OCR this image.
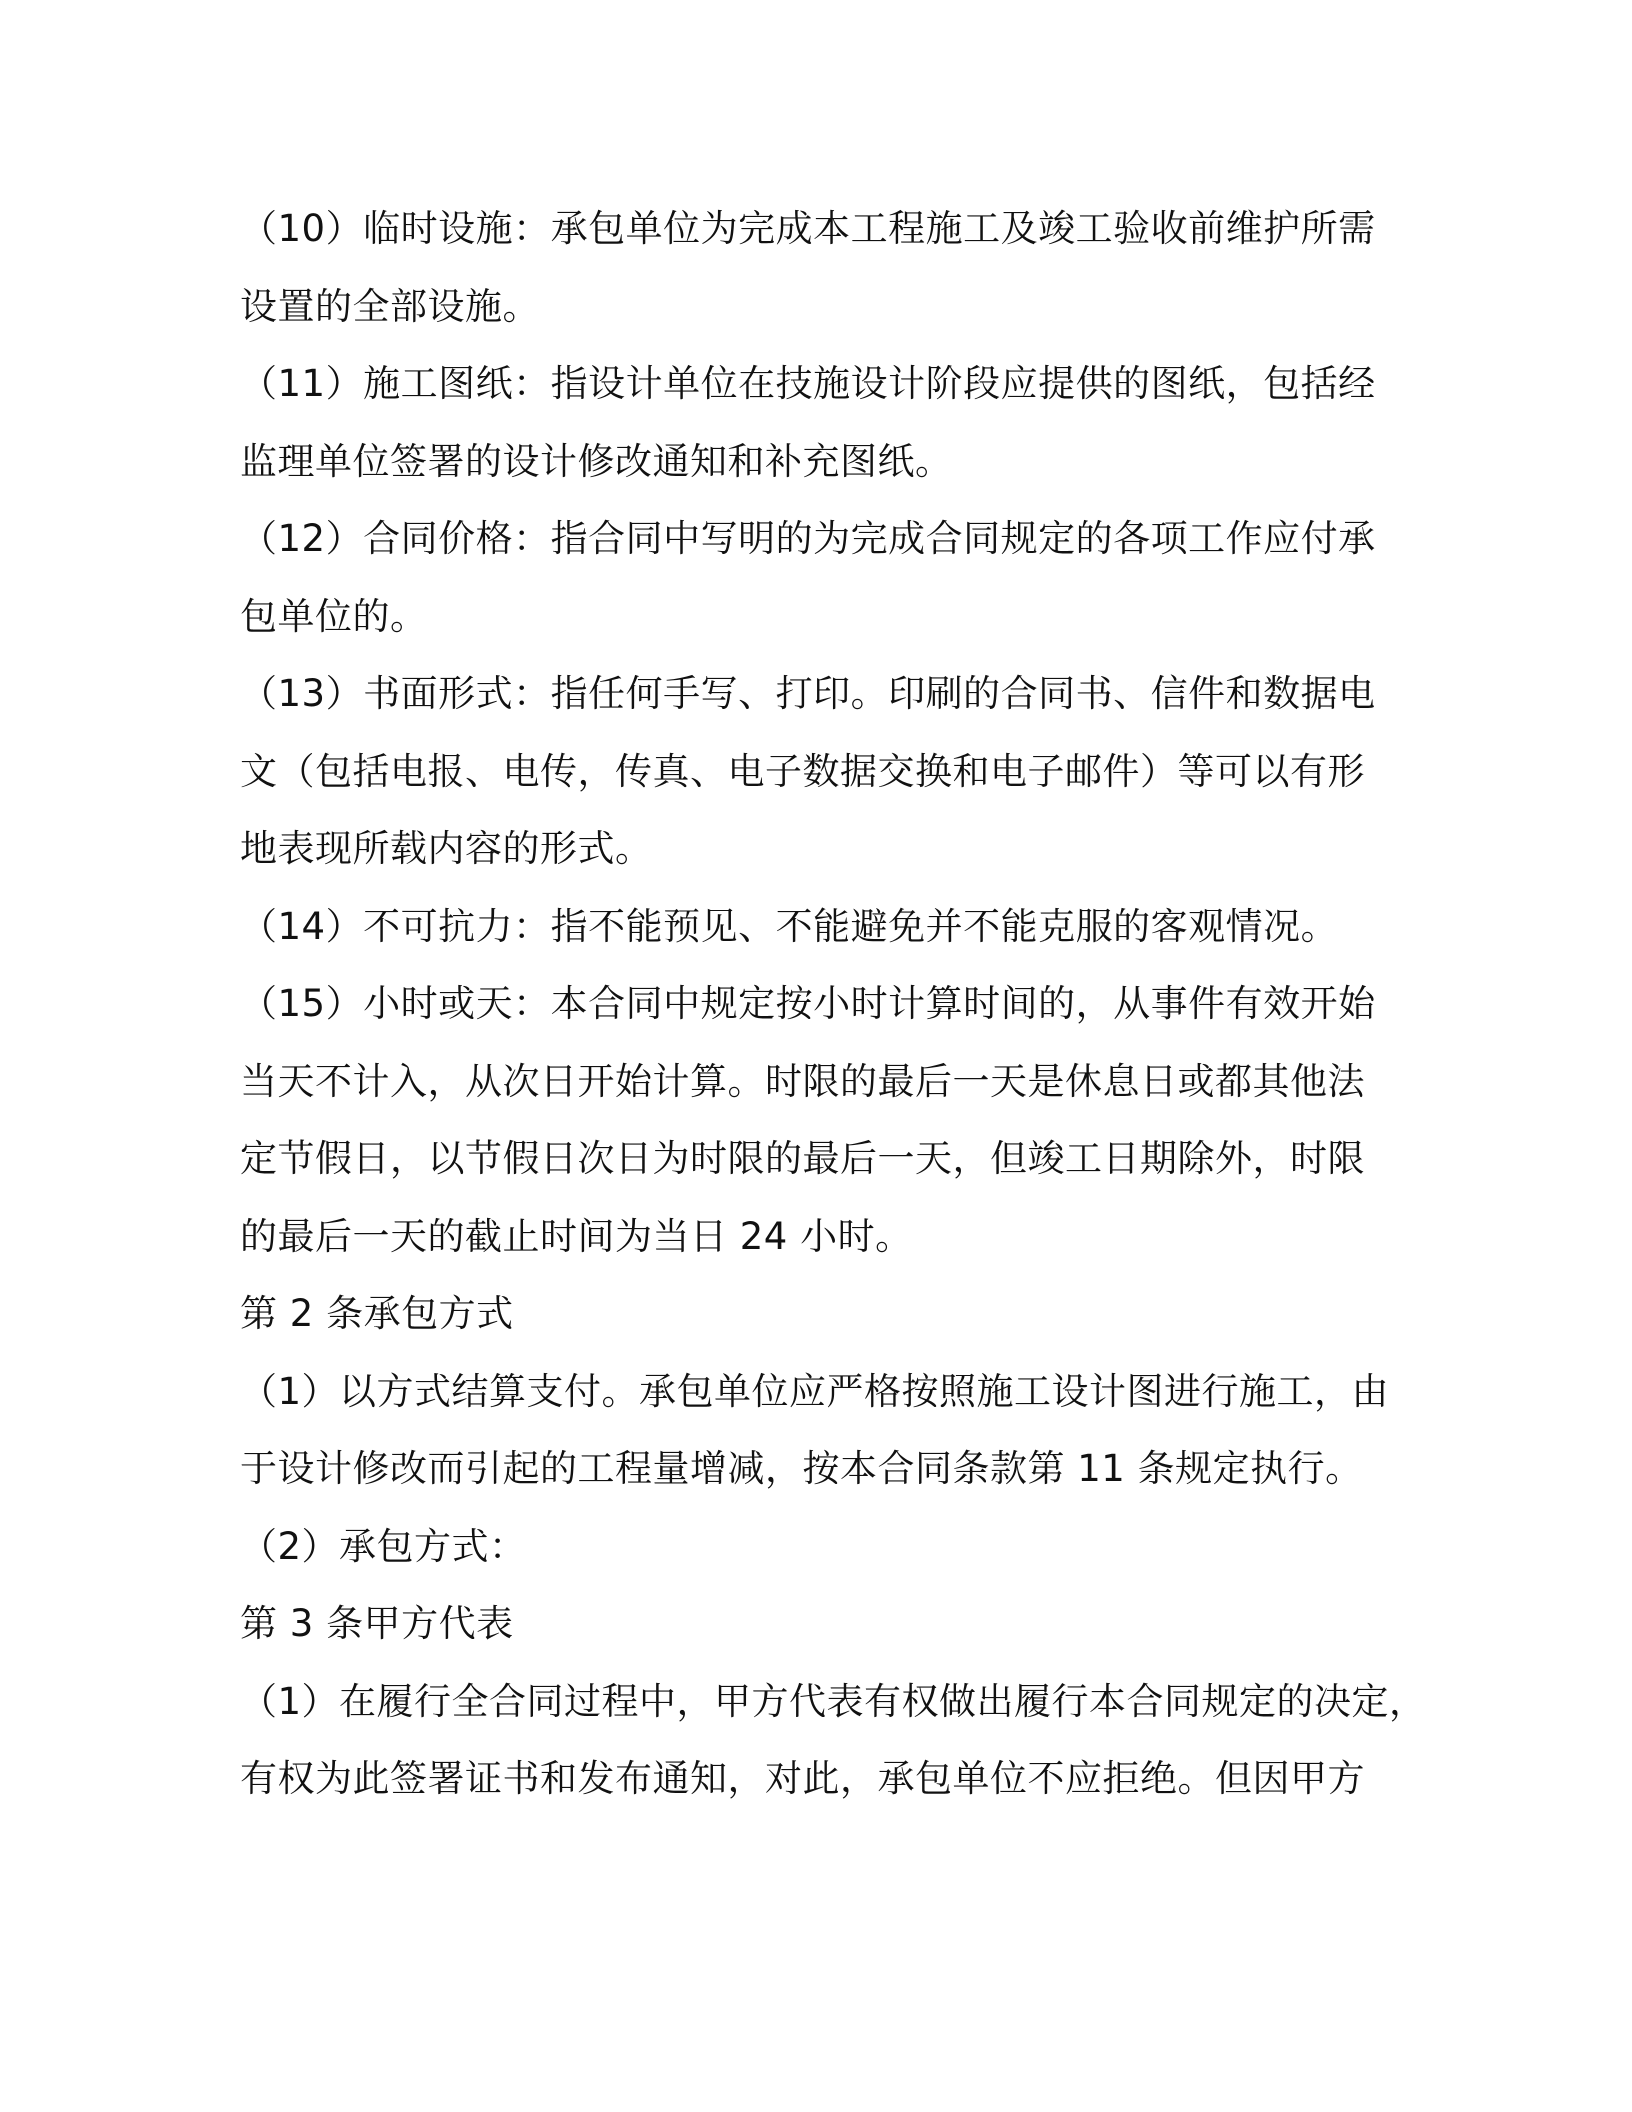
（10）临时设施：承包单位为完成本工程施工及竣工验收前维护所需
设置的全部设施。
（11）施工图纸：指设计单位在技施设计阶段应提供的图纸，包括经
监理单位签署的设计修改通知和补充图纸。
（12）合同价格：指合同中写明的为完成合同规定的各项工作应付承
包单位的。
（13）书面形式：指任何手写、打印。印刷的合同书、信件和数据电
文（包括电报、电传，传真、电子数据交换和电子邮件）等可以有形
地表现所载内容的形式。
（14）不可抗力：指不能预见、不能避免并不能克服的客观情况。
（15）小时或天：本合同中规定按小时计算时间的，从事件有效开始
当天不计入，从次日开始计算。时限的最后一天是休息日或都其他法
定节假日，以节假日次日为时限的最后一天，但竣工日期除外，时限
的最后一天的截止时间为当日 24 小时。
第 2 条承包方式
（1）以方式结算支付。承包单位应严格按照施工设计图进行施工，由
于设计修改而引起的工程量增减，按本合同条款第 11 条规定执行。
（2）承包方式：
第 3 条甲方代表
（1）在履行全合同过程中，甲方代表有权做出履行本合同规定的决定，
有权为此签署证书和发布通知，对此，承包单位不应拒绝。但因甲方
